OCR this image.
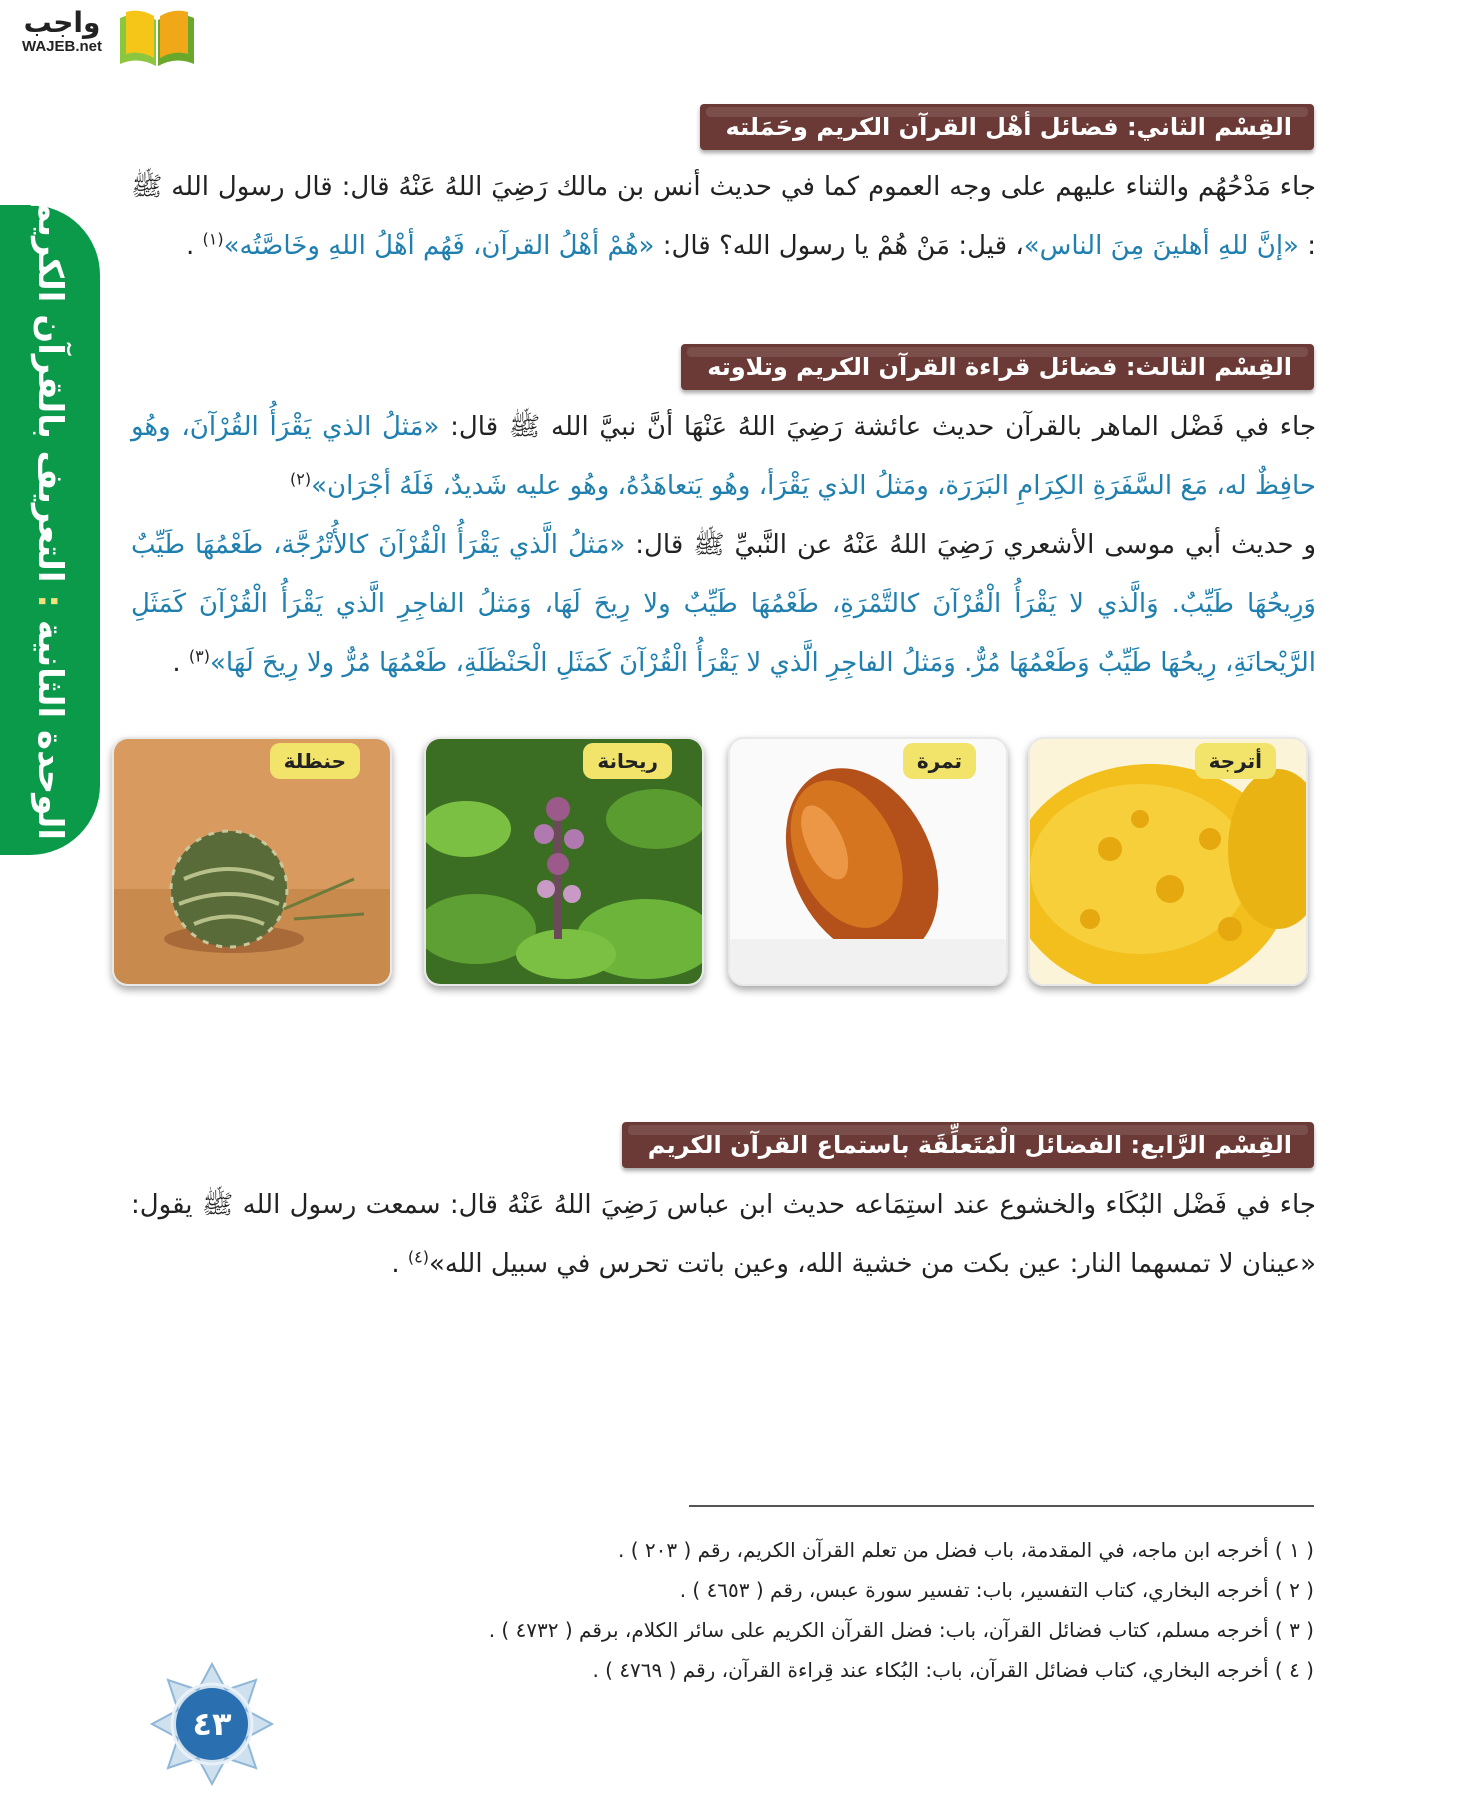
واجب
WAJEB.net
الوحدة الثانية : التعريف بالقرآن الكريم
القِسْم الثاني: فضائل أهْل القرآن الكريم وحَمَلته

جاء مَدْحُهُم والثناء عليهم على وجه العموم كما في حديث أنس بن مالك رَضِيَ اللهُ عَنْهُ قال: قال رسول الله ﷺ : «إنَّ للهِ أهلينَ مِنَ الناس»، قيل: مَنْ هُمْ يا رسول الله؟ قال: «هُمْ أهْلُ القرآن، فَهُم أهْلُ اللهِ وخَاصَّتُه»$^{(١)}$ .

القِسْم الثالث: فضائل قراءة القرآن الكريم وتلاوته

جاء في فَضْل الماهر بالقرآن حديث عائشة رَضِيَ اللهُ عَنْهَا أنَّ نبيَّ الله ﷺ قال: «مَثلُ الذي يَقْرَأُ القُرْآنَ، وهُو حافِظٌ له، مَعَ السَّفَرَةِ الكِرَامِ البَرَرَة، ومَثلُ الذي يَقْرَأ، وهُو يَتعاهَدُهُ، وهُو عليه شَديدٌ، فَلَهُ أجْرَان»$^{(٢)}$

و حديث أبي موسى الأشعري رَضِيَ اللهُ عَنْهُ عن النَّبيِّ ﷺ قال: «مَثلُ الَّذي يَقْرَأُ الْقُرْآنَ كالأُتْرُجَّة، طَعْمُهَا طَيِّبٌ وَرِيحُهَا طَيِّبٌ. وَالَّذي لا يَقْرَأُ الْقُرْآنَ كالتَّمْرَةِ، طَعْمُهَا طَيِّبٌ ولا رِيحَ لَهَا، وَمَثلُ الفاجِرِ الَّذي يَقْرَأُ الْقُرْآنَ كَمَثَلِ الرَّيْحانَةِ، رِيحُهَا طَيِّبٌ وَطَعْمُهَا مُرٌّ. وَمَثلُ الفاجِرِ الَّذي لا يَقْرَأُ الْقُرْآنَ كَمَثَلِ الْحَنْظَلَةِ، طَعْمُهَا مُرٌّ ولا رِيحَ لَهَا»$^{(٣)}$ .

أترجة
تمرة
ريحانة
حنظلة
القِسْم الرَّابع: الفضائل الْمُتَعلِّقَة باستماع القرآن الكريم

جاء في فَضْل البُكَاء والخشوع عند استِمَاعه حديث ابن عباس رَضِيَ اللهُ عَنْهُ قال: سمعت رسول الله ﷺ يقول: «عينان لا تمسهما النار: عين بكت من خشية الله، وعين باتت تحرس في سبيل الله»$^{(٤)}$ .

( ١ ) أخرجه ابن ماجه، في المقدمة، باب فضل من تعلم القرآن الكريم، رقم ( ٢٠٣ ) .
( ٢ ) أخرجه البخاري، كتاب التفسير، باب: تفسير سورة عبس، رقم ( ٤٦٥٣ ) .
( ٣ ) أخرجه مسلم، كتاب فضائل القرآن، باب: فضل القرآن الكريم على سائر الكلام، برقم ( ٤٧٣٢ ) .
( ٤ ) أخرجه البخاري، كتاب فضائل القرآن، باب: البُكاء عند قِراءة القرآن، رقم ( ٤٧٦٩ ) .
٤٣
